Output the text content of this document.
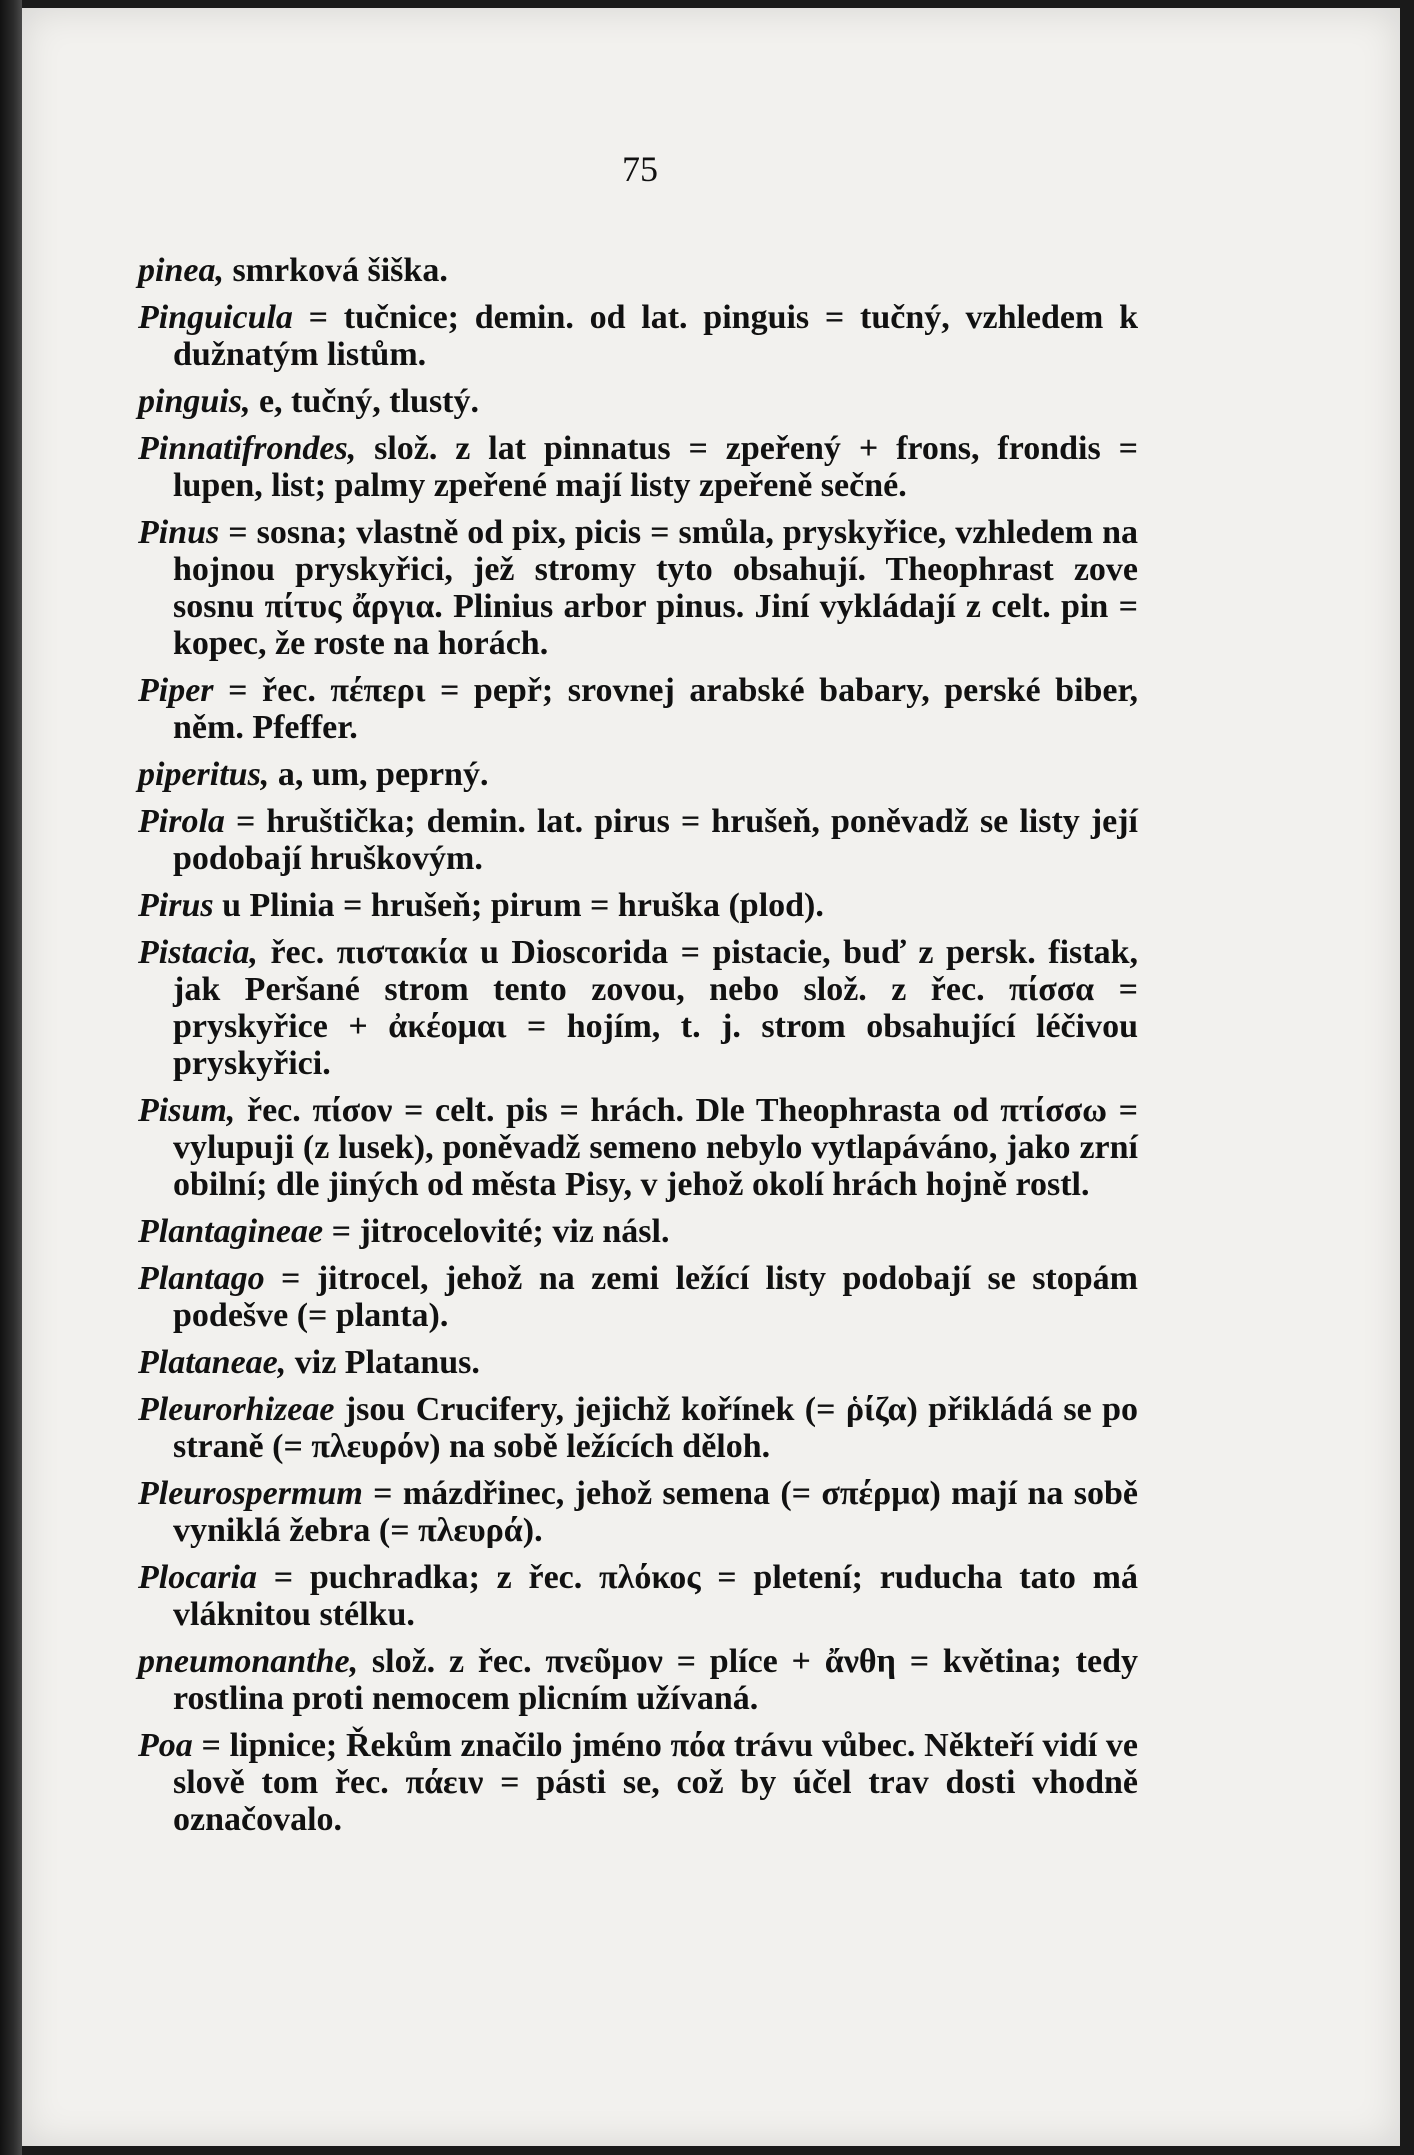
75

pinea, smrková šiška.

Pinguicula = tučnice; demin. od lat. pinguis = tučný, vzhledem k dužnatým listům.

pinguis, e, tučný, tlustý.

Pinnatifrondes, slož. z lat pinnatus = zpeřený + frons, frondis = lupen, list; palmy zpeřené mají listy zpeřeně sečné.

Pinus = sosna; vlastně od pix, picis = smůla, pryskyřice, vzhledem na hojnou pryskyřici, jež stromy tyto obsahují. Theophrast zove sosnu πίτυς ἄργια. Plinius arbor pinus. Jiní vykládají z celt. pin = kopec, že roste na horách.

Piper = řec. πέπερι = pepř; srovnej arabské babary, perské biber, něm. Pfeffer.

piperitus, a, um, peprný.

Pirola = hruštička; demin. lat. pirus = hrušeň, poněvadž se listy její podobají hruškovým.

Pirus u Plinia = hrušeň; pirum = hruška (plod).

Pistacia, řec. πιστακία u Dioscorida = pistacie, buď z persk. fistak, jak Peršané strom tento zovou, nebo slož. z řec. πίσσα = pryskyřice + ἀκέομαι = hojím, t. j. strom obsahující léčivou pryskyřici.

Pisum, řec. πίσον = celt. pis = hrách. Dle Theophrasta od πτίσσω = vylupuji (z lusek), poněvadž semeno nebylo vytlapáváno, jako zrní obilní; dle jiných od města Pisy, v jehož okolí hrách hojně rostl.

Plantagineae = jitrocelovité; viz násl.

Plantago = jitrocel, jehož na zemi ležící listy podobají se stopám podešve (= planta).

Plataneae, viz Platanus.

Pleurorhizeae jsou Crucifery, jejichž kořínek (= ῥίζα) přikládá se po straně (= πλευρόν) na sobě ležících děloh.

Pleurospermum = mázdřinec, jehož semena (= σπέρμα) mají na sobě vyniklá žebra (= πλευρά).

Plocaria = puchradka; z řec. πλόκος = pletení; ruducha tato má vláknitou stélku.

pneumonanthe, slož. z řec. πνεῦμον = plíce + ἄνθη = květina; tedy rostlina proti nemocem plicním užívaná.

Poa = lipnice; Řekům značilo jméno πόα trávu vůbec. Někteří vidí ve slově tom řec. πάειν = pásti se, což by účel trav dosti vhodně označovalo.
